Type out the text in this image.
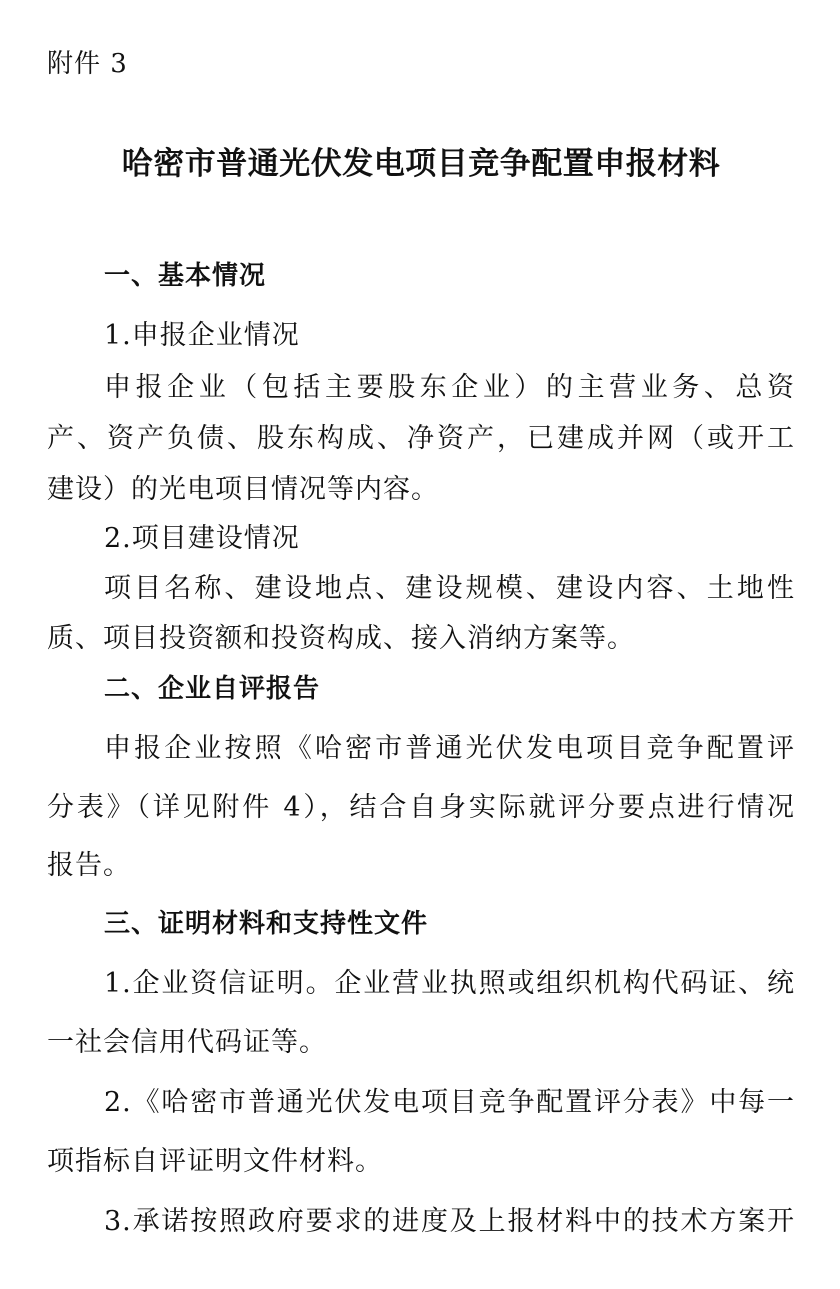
附件 3
哈密市普通光伏发电项目竞争配置申报材料
一、基本情况
1.申报企业情况
申报企业（包括主要股东企业）的主营业务、总资
产、资产负债、股东构成、净资产，已建成并网（或开工
建设）的光电项目情况等内容。
2.项目建设情况
项目名称、建设地点、建设规模、建设内容、土地性
质、项目投资额和投资构成、接入消纳方案等。
二、企业自评报告
申报企业按照《哈密市普通光伏发电项目竞争配置评
分表》（详见附件 4），结合自身实际就评分要点进行情况
报告。
三、证明材料和支持性文件
1.企业资信证明。企业营业执照或组织机构代码证、统
一社会信用代码证等。
2.《哈密市普通光伏发电项目竞争配置评分表》中每一
项指标自评证明文件材料。
3.承诺按照政府要求的进度及上报材料中的技术方案开
